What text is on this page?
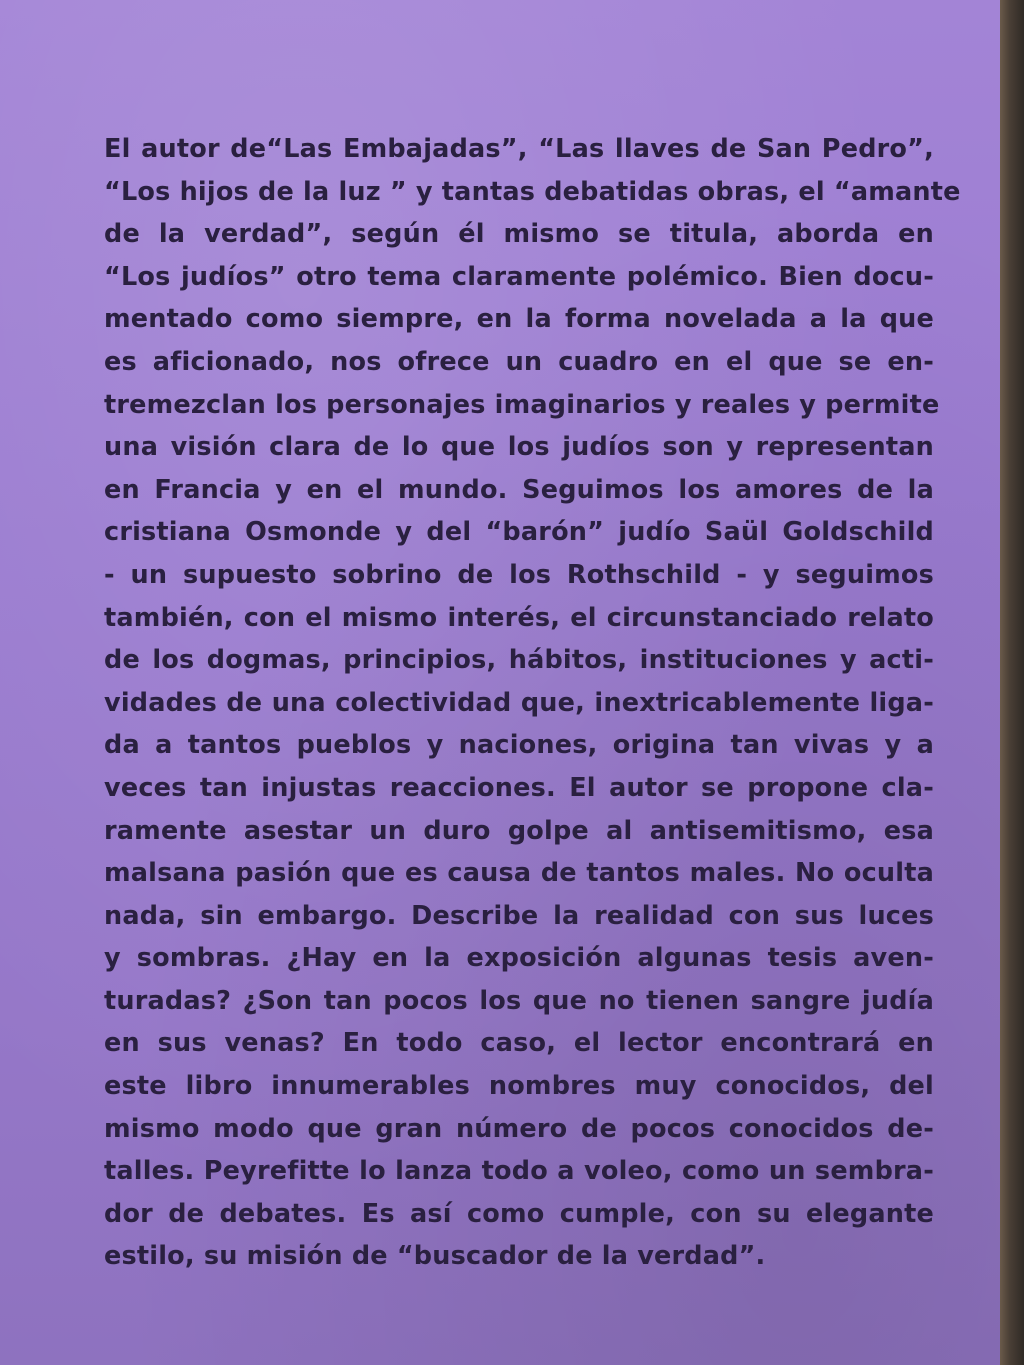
El autor de“Las Embajadas”, “Las llaves de San Pedro”,
“Los hijos de la luz ” y tantas debatidas obras, el “amante
de la verdad”, según él mismo se titula, aborda en
“Los judíos” otro tema claramente polémico. Bien docu-
mentado como siempre, en la forma novelada a la que
es aficionado, nos ofrece un cuadro en el que se en-
tremezclan los personajes imaginarios y reales y permite
una visión clara de lo que los judíos son y representan
en Francia y en el mundo. Seguimos los amores de la
cristiana Osmonde y del “barón” judío Saül Goldschild
- un supuesto sobrino de los Rothschild - y seguimos
también, con el mismo interés, el circunstanciado relato
de los dogmas, principios, hábitos, instituciones y acti-
vidades de una colectividad que, inextricablemente liga-
da a tantos pueblos y naciones, origina tan vivas y a
veces tan injustas reacciones. El autor se propone cla-
ramente asestar un duro golpe al antisemitismo, esa
malsana pasión que es causa de tantos males. No oculta
nada, sin embargo. Describe la realidad con sus luces
y sombras. ¿Hay en la exposición algunas tesis aven-
turadas? ¿Son tan pocos los que no tienen sangre judía
en sus venas? En todo caso, el lector encontrará en
este libro innumerables nombres muy conocidos, del
mismo modo que gran número de pocos conocidos de-
talles. Peyrefitte lo lanza todo a voleo, como un sembra-
dor de debates. Es así como cumple, con su elegante
estilo, su misión de “buscador de la verdad”.
